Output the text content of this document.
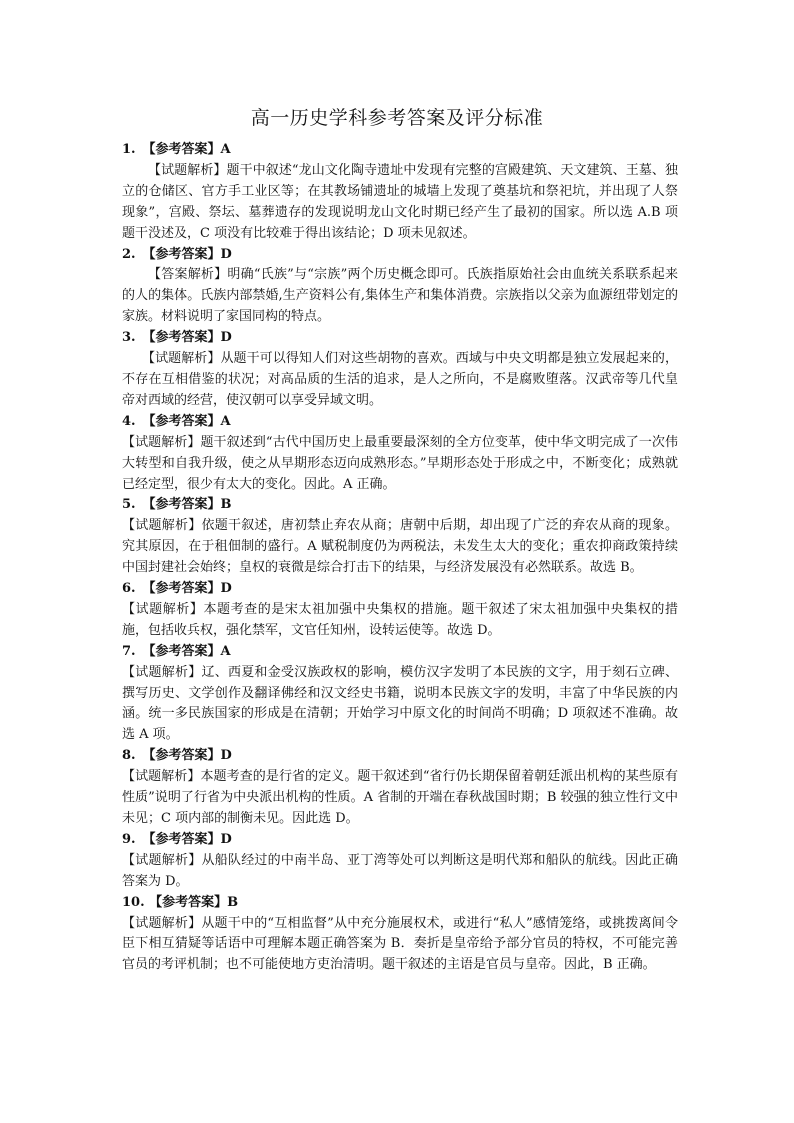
高一历史学科参考答案及评分标准

1. 【参考答案】A

【试题解析】题干中叙述“龙山文化陶寺遗址中发现有完整的宫殿建筑、天文建筑、王墓、独立的仓储区、官方手工业区等；在其教场铺遗址的城墙上发现了奠基坑和祭祀坑，并出现了人祭现象”，宫殿、祭坛、墓葬遗存的发现说明龙山文化时期已经产生了最初的国家。所以选 A.B 项题干没述及，C 项没有比较难于得出该结论；D 项未见叙述。

2. 【参考答案】D

【答案解析】明确“氏族”与“宗族”两个历史概念即可。氏族指原始社会由血统关系联系起来的人的集体。氏族内部禁婚,生产资料公有,集体生产和集体消费。宗族指以父亲为血源纽带划定的家族。材料说明了家国同构的特点。

3. 【参考答案】D

【试题解析】从题干可以得知人们对这些胡物的喜欢。西域与中央文明都是独立发展起来的，不存在互相借鉴的状况；对高品质的生活的追求，是人之所向，不是腐败堕落。汉武帝等几代皇帝对西域的经营，使汉朝可以享受异域文明。

4. 【参考答案】A

【试题解析】题干叙述到“古代中国历史上最重要最深刻的全方位变革，使中华文明完成了一次伟大转型和自我升级，使之从早期形态迈向成熟形态。”早期形态处于形成之中，不断变化；成熟就已经定型，很少有太大的变化。因此。A 正确。

5. 【参考答案】B

【试题解析】依题干叙述，唐初禁止弃农从商；唐朝中后期，却出现了广泛的弃农从商的现象。究其原因，在于租佃制的盛行。A 赋税制度仍为两税法，未发生太大的变化；重农抑商政策持续中国封建社会始终；皇权的衰微是综合打击下的结果，与经济发展没有必然联系。故选 B。

6. 【参考答案】D

【试题解析】本题考查的是宋太祖加强中央集权的措施。题干叙述了宋太祖加强中央集权的措施，包括收兵权，强化禁军，文官任知州，设转运使等。故选 D。

7. 【参考答案】A

【试题解析】辽、西夏和金受汉族政权的影响，模仿汉字发明了本民族的文字，用于刻石立碑、撰写历史、文学创作及翻译佛经和汉文经史书籍，说明本民族文字的发明，丰富了中华民族的内涵。统一多民族国家的形成是在清朝；开始学习中原文化的时间尚不明确；D 项叙述不准确。故选 A 项。

8. 【参考答案】D

【试题解析】本题考查的是行省的定义。题干叙述到“省行仍长期保留着朝廷派出机构的某些原有性质”说明了行省为中央派出机构的性质。A 省制的开端在春秋战国时期；B 较强的独立性行文中未见；C 项内部的制衡未见。因此选 D。

9. 【参考答案】D

【试题解析】从船队经过的中南半岛、亚丁湾等处可以判断这是明代郑和船队的航线。因此正确答案为 D。

10. 【参考答案】B

【试题解析】从题干中的“互相监督”从中充分施展权术，或进行“私人”感情笼络，或挑拨离间令臣下相互猜疑等话语中可理解本题正确答案为 B．奏折是皇帝给予部分官员的特权，不可能完善官员的考评机制；也不可能使地方吏治清明。题干叙述的主语是官员与皇帝。因此，B 正确。
